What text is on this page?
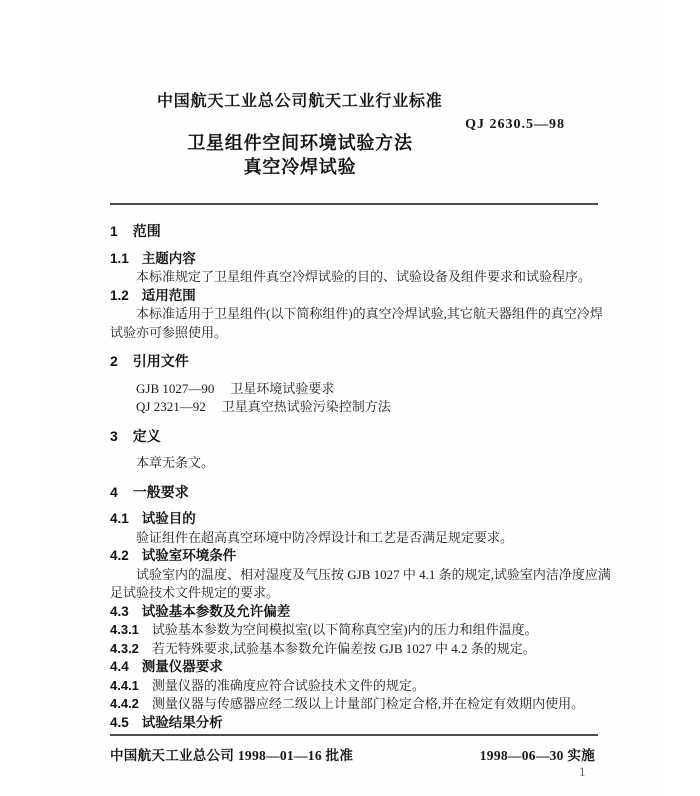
中国航天工业总公司航天工业行业标准
QJ 2630.5—98
卫星组件空间环境试验方法
真空冷焊试验
1 范围
1.1 主题内容
本标准规定了卫星组件真空冷焊试验的目的、试验设备及组件要求和试验程序。
1.2 适用范围
本标准适用于卫星组件(以下简称组件)的真空冷焊试验,其它航天器组件的真空冷焊
试验亦可参照使用。
2 引用文件
GJB 1027—90 卫星环境试验要求
QJ 2321—92 卫星真空热试验污染控制方法
3 定义
本章无条文。
4 一般要求
4.1 试验目的
验证组件在超高真空环境中防冷焊设计和工艺是否满足规定要求。
4.2 试验室环境条件
试验室内的温度、相对湿度及气压按 GJB 1027 中 4.1 条的规定,试验室内洁净度应满
足试验技术文件规定的要求。
4.3 试验基本参数及允许偏差
4.3.1 试验基本参数为空间模拟室(以下简称真空室)内的压力和组件温度。
4.3.2 若无特殊要求,试验基本参数允许偏差按 GJB 1027 中 4.2 条的规定。
4.4 测量仪器要求
4.4.1 测量仪器的准确度应符合试验技术文件的规定。
4.4.2 测量仪器与传感器应经二级以上计量部门检定合格,并在检定有效期内使用。
4.5 试验结果分析
中国航天工业总公司 1998—01—16 批准	1998—06—30 实施
1
